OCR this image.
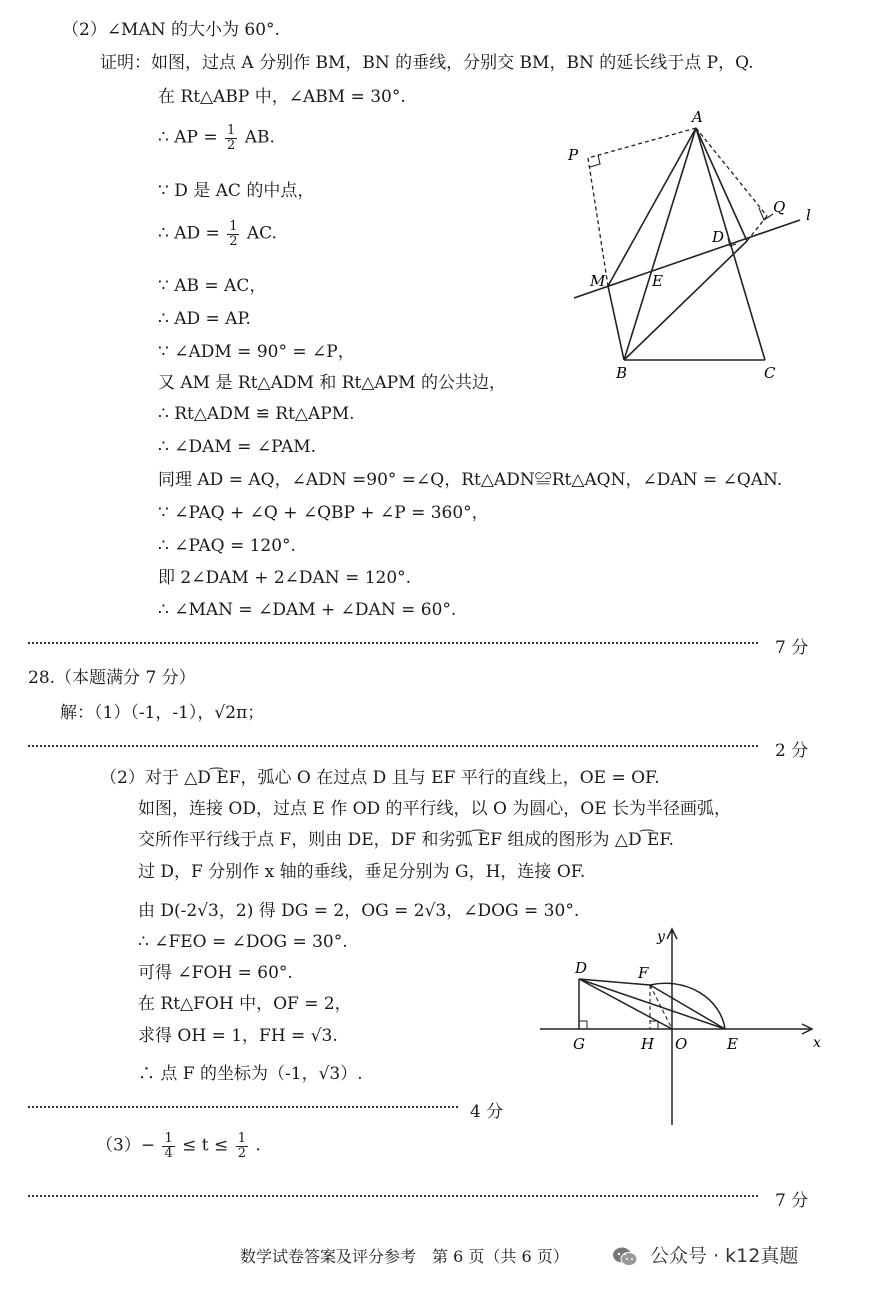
（2）∠MAN 的大小为 60°.
证明：如图，过点 A 分别作 BM，BN 的垂线，分别交 BM，BN 的延长线于点 P，Q.
在 Rt△ABP 中，∠ABM = 30°.
∴ AP = $\frac{1}{2}$ AB.
∵ D 是 AC 的中点，
∴ AD = $\frac{1}{2}$ AC.
∵ AB = AC，
∴ AD = AP.
∵ ∠ADM = 90° = ∠P，
又 AM 是 Rt△ADM 和 Rt△APM 的公共边，
∴ Rt△ADM ≌ Rt△APM.
∴ ∠DAM = ∠PAM.
同理 AD = AQ，∠ADN =90° =∠Q，Rt△ADN≌Rt△AQN，∠DAN = ∠QAN.
∵ ∠PAQ + ∠Q + ∠QBP + ∠P = 360°，
∴ ∠PAQ = 120°.
即 2∠DAM + 2∠DAN = 120°.
∴ ∠MAN = ∠DAM + ∠DAN = 60°.
7 分
A
P
Q l
D
M	E
B	C
28.（本题满分 7 分）
解：（1）（-1，-1），√2π；
2 分
（2）对于 △D ͡EF，弧心 O 在过点 D 且与 EF 平行的直线上，OE = OF.
如图，连接 OD，过点 E 作 OD 的平行线，以 O 为圆心，OE 长为半径画弧，
交所作平行线于点 F，则由 DE，DF 和劣弧 ͡EF 组成的图形为 △D ͡EF.
过 D，F 分别作 x 轴的垂线，垂足分别为 G，H，连接 OF.
由 D(-2√3，2) 得 DG = 2，OG = 2√3，∠DOG = 30°.
∴ ∠FEO = ∠DOG = 30°.
可得 ∠FOH = 60°.
在 Rt△FOH 中，OF = 2，
求得 OH = 1，FH = √3.
∴ 点 F 的坐标为（-1，√3）.
4 分
D	F
y
G	H O	E	x
$(3)- \frac{1}{4} \le t \le \frac{1}{2}$ .
7 分
数学试卷答案及评分参考　第 6 页（共 6 页）	公众号 · k12真题
